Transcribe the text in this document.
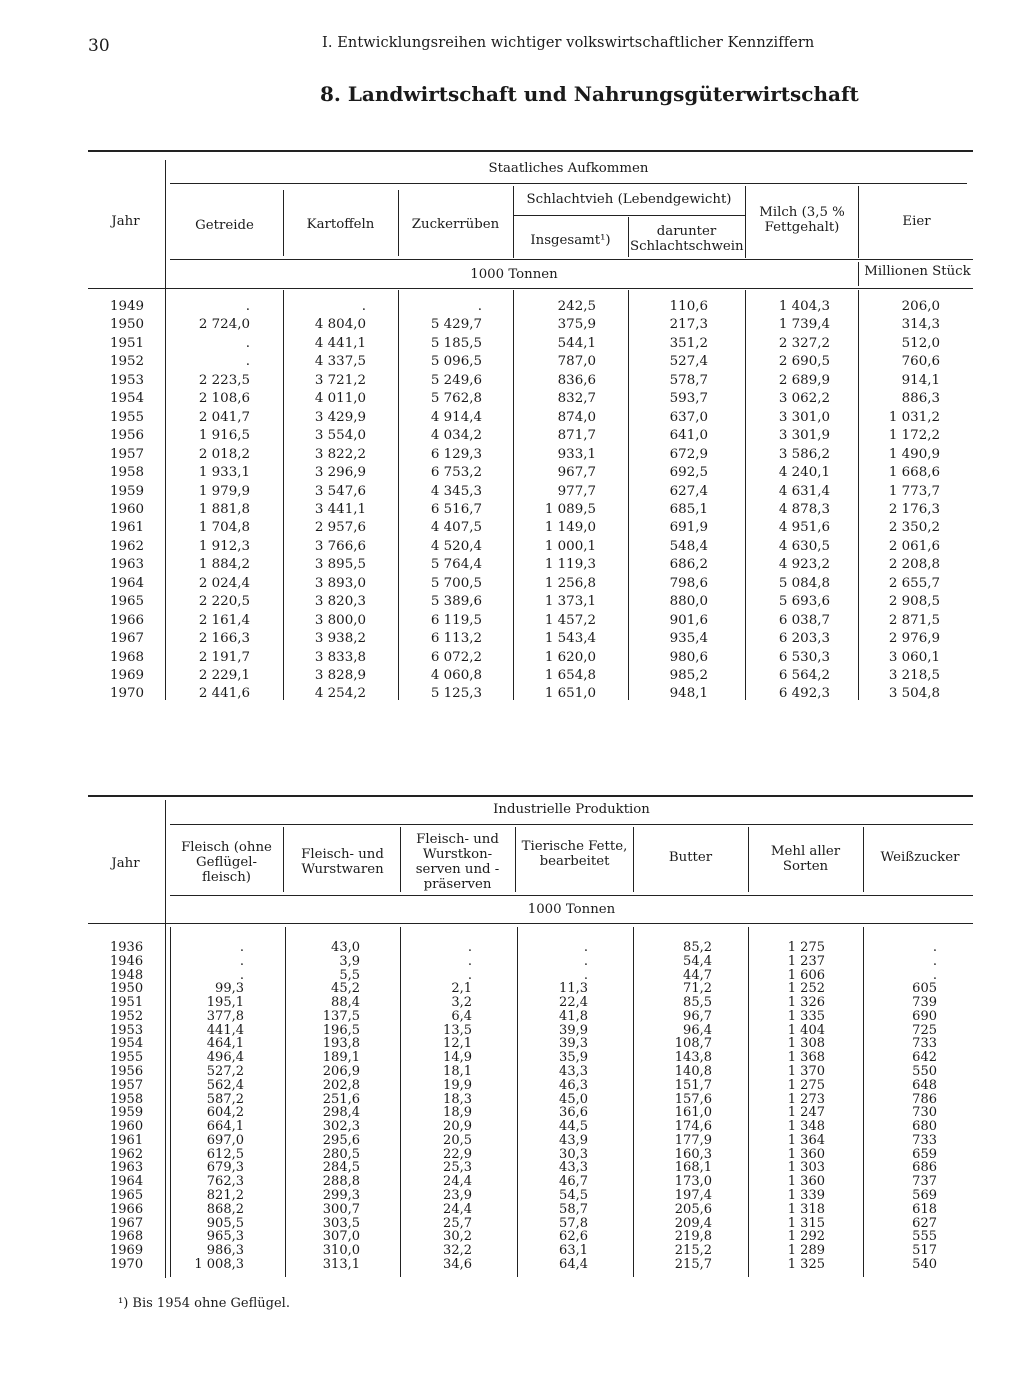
30	I. Entwicklungsreihen wichtiger volkswirtschaftlicher Kennziffern
8. Landwirtschaft und Nahrungsgüterwirtschaft
Staatliches Aufkommen
Jahr	Getreide	Kartoffeln	Zuckerrüben
Schlachtvieh (Lebendgewicht)
Insgesamt¹)
darunter Schlachtschwein
Milch (3,5 % Fettgehalt)	Eier
1000 Tonnen	Millionen Stück
1949	.	.	.	242,5	110,6	1 404,3	206,0
1950	2 724,0	4 804,0	5 429,7	375,9	217,3	1 739,4	314,3
1951	.	4 441,1	5 185,5	544,1	351,2	2 327,2	512,0
1952	.	4 337,5	5 096,5	787,0	527,4	2 690,5	760,6
1953	2 223,5	3 721,2	5 249,6	836,6	578,7	2 689,9	914,1
1954	2 108,6	4 011,0	5 762,8	832,7	593,7	3 062,2	886,3
1955	2 041,7	3 429,9	4 914,4	874,0	637,0	3 301,0	1 031,2
1956	1 916,5	3 554,0	4 034,2	871,7	641,0	3 301,9	1 172,2
1957	2 018,2	3 822,2	6 129,3	933,1	672,9	3 586,2	1 490,9
1958	1 933,1	3 296,9	6 753,2	967,7	692,5	4 240,1	1 668,6
1959	1 979,9	3 547,6	4 345,3	977,7	627,4	4 631,4	1 773,7
1960	1 881,8	3 441,1	6 516,7	1 089,5	685,1	4 878,3	2 176,3
1961	1 704,8	2 957,6	4 407,5	1 149,0	691,9	4 951,6	2 350,2
1962	1 912,3	3 766,6	4 520,4	1 000,1	548,4	4 630,5	2 061,6
1963	1 884,2	3 895,5	5 764,4	1 119,3	686,2	4 923,2	2 208,8
1964	2 024,4	3 893,0	5 700,5	1 256,8	798,6	5 084,8	2 655,7
1965	2 220,5	3 820,3	5 389,6	1 373,1	880,0	5 693,6	2 908,5
1966	2 161,4	3 800,0	6 119,5	1 457,2	901,6	6 038,7	2 871,5
1967	2 166,3	3 938,2	6 113,2	1 543,4	935,4	6 203,3	2 976,9
1968	2 191,7	3 833,8	6 072,2	1 620,0	980,6	6 530,3	3 060,1
1969	2 229,1	3 828,9	4 060,8	1 654,8	985,2	6 564,2	3 218,5
1970	2 441,6	4 254,2	5 125,3	1 651,0	948,1	6 492,3	3 504,8
Industrielle Produktion
Jahr
Fleisch (ohne Geflügel-fleisch)
Fleisch- und Wurstwaren
Fleisch- und Wurstkon-serven und -präserven
Tierische Fette, bearbeitet	Butter	Mehl aller Sorten
Weißzucker
1000 Tonnen
1936	.	43,0	.	.	85,2	1 275	.
1946	.	3,9	.	.	54,4	1 237	.
1948	.	5,5	.	.	44,7	1 606	.
1950	99,3	45,2	2,1	11,3	71,2	1 252	605
1951	195,1	88,4	3,2	22,4	85,5	1 326	739
1952	377,8	137,5	6,4	41,8	96,7	1 335	690
1953	441,4	196,5	13,5	39,9	96,4	1 404	725
1954	464,1	193,8	12,1	39,3	108,7	1 308	733
1955	496,4	189,1	14,9	35,9	143,8	1 368	642
1956	527,2	206,9	18,1	43,3	140,8	1 370	550
1957	562,4	202,8	19,9	46,3	151,7	1 275	648
1958	587,2	251,6	18,3	45,0	157,6	1 273	786
1959	604,2	298,4	18,9	36,6	161,0	1 247	730
1960	664,1	302,3	20,9	44,5	174,6	1 348	680
1961	697,0	295,6	20,5	43,9	177,9	1 364	733
1962	612,5	280,5	22,9	30,3	160,3	1 360	659
1963	679,3	284,5	25,3	43,3	168,1	1 303	686
1964	762,3	288,8	24,4	46,7	173,0	1 360	737
1965	821,2	299,3	23,9	54,5	197,4	1 339	569
1966	868,2	300,7	24,4	58,7	205,6	1 318	618
1967	905,5	303,5	25,7	57,8	209,4	1 315	627
1968	965,3	307,0	30,2	62,6	219,8	1 292	555
1969	986,3	310,0	32,2	63,1	215,2	1 289	517
1970	1 008,3	313,1	34,6	64,4	215,7	1 325	540
¹) Bis 1954 ohne Geflügel.
